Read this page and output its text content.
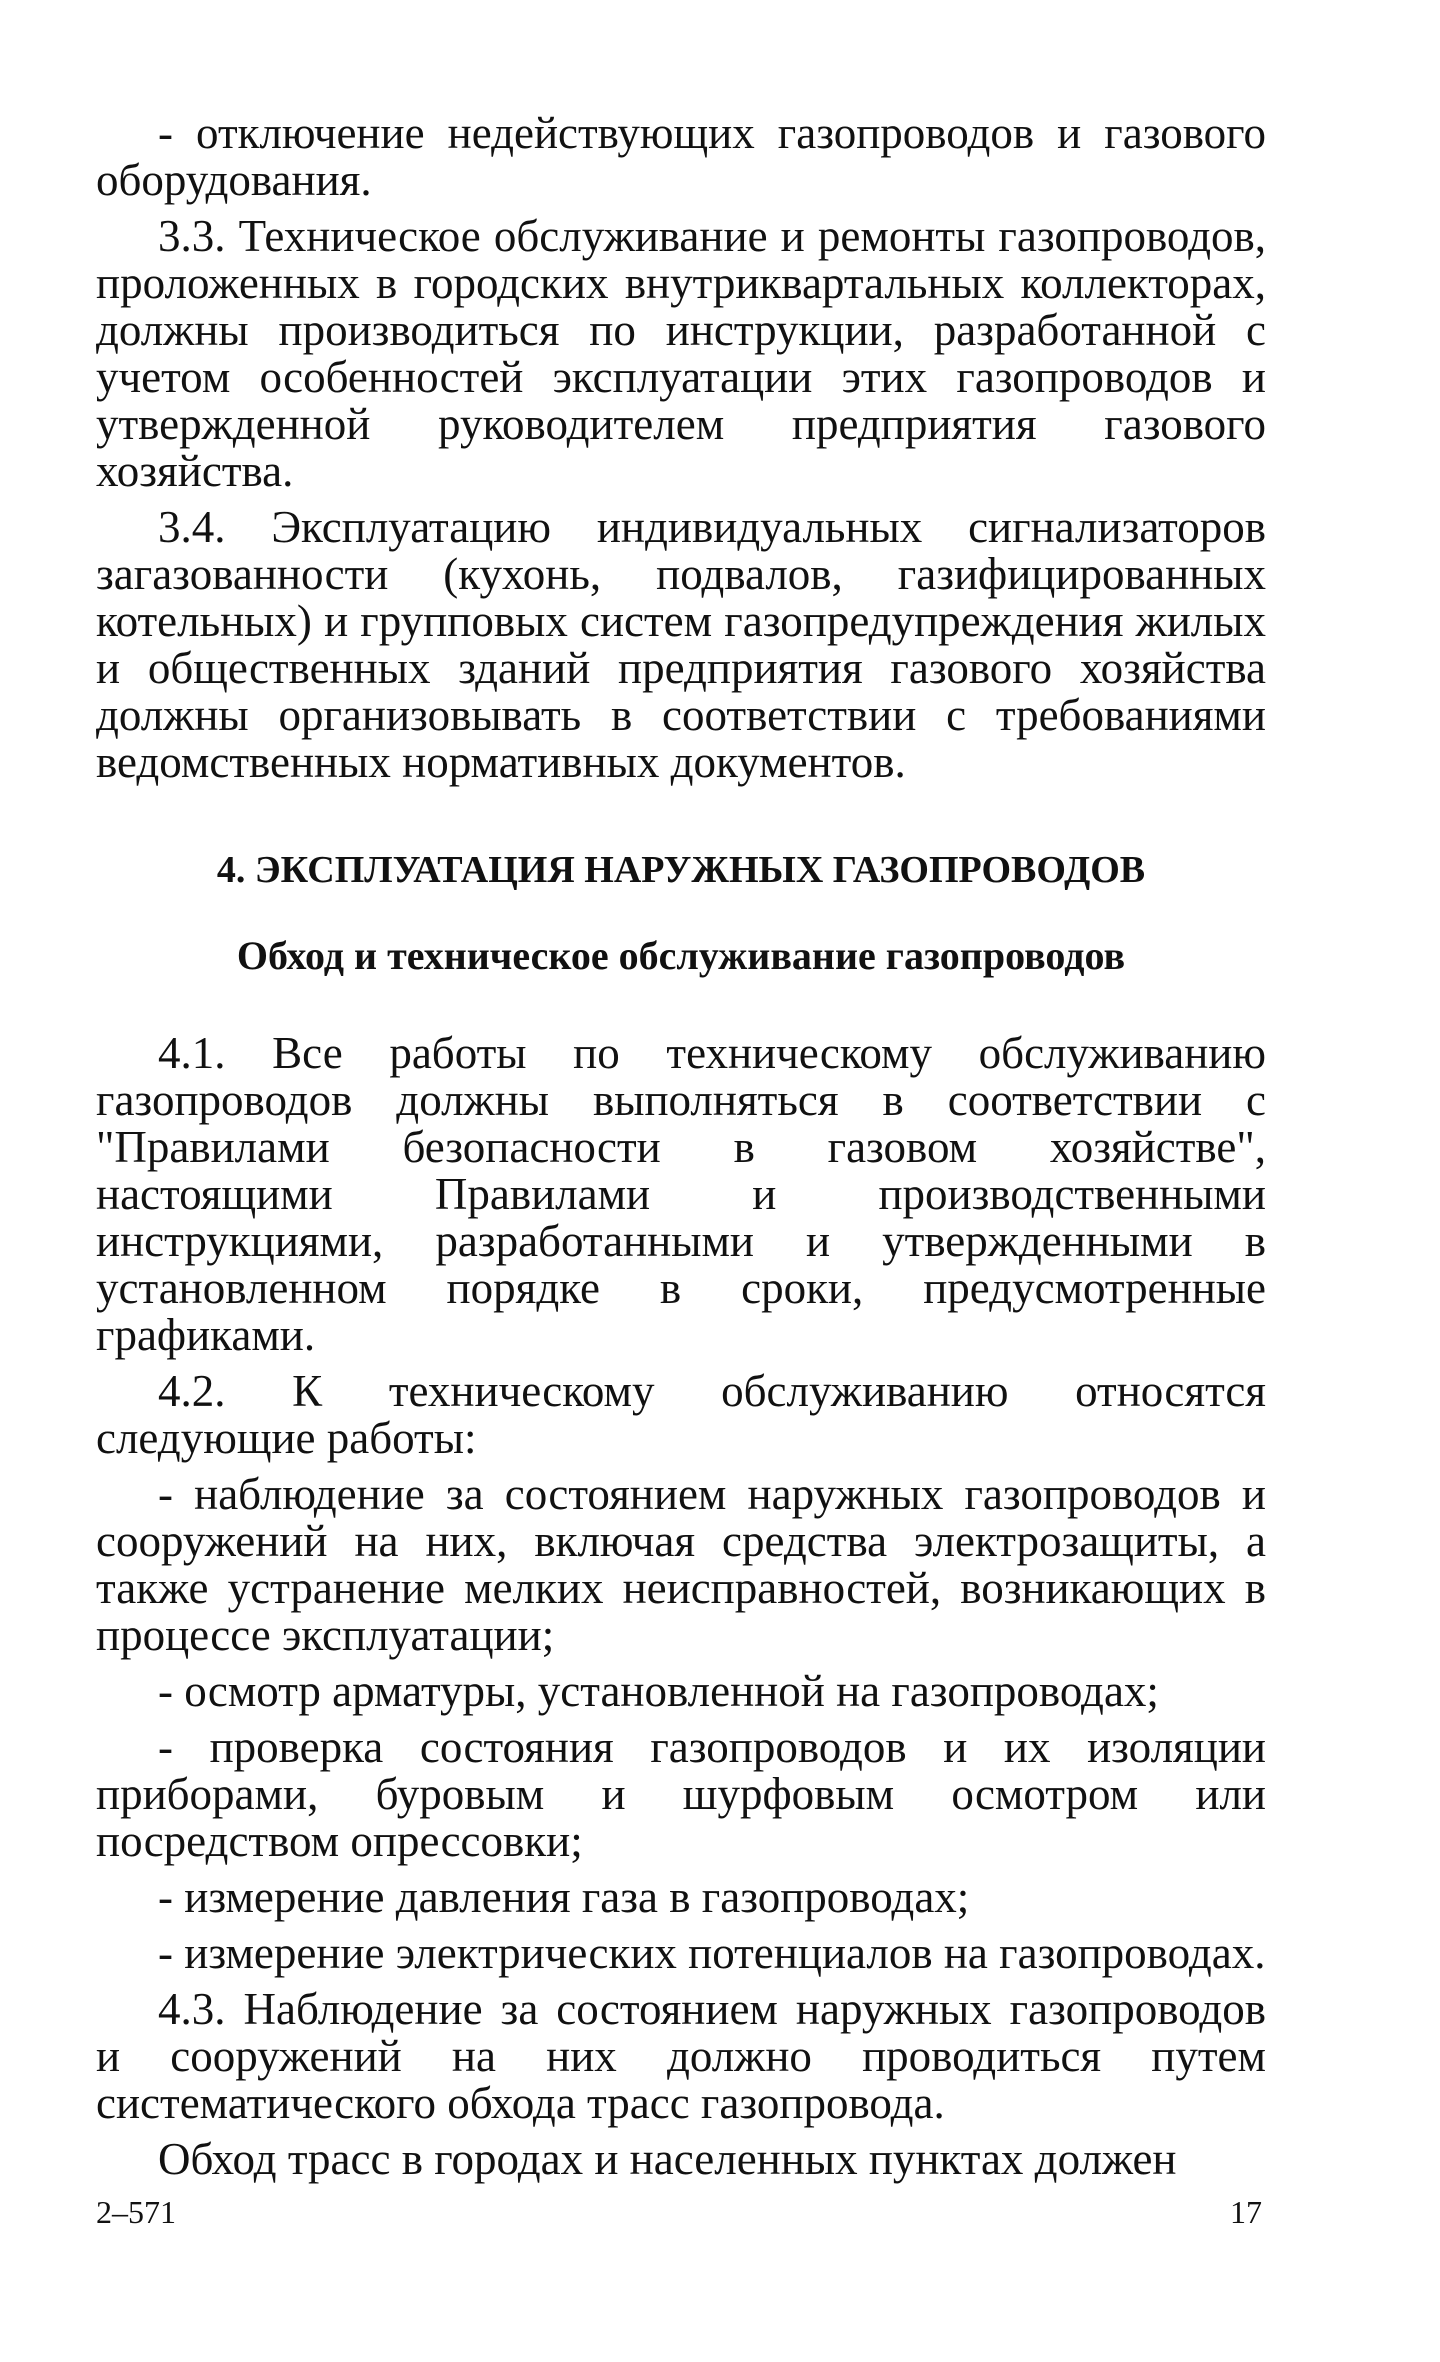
- отключение недействующих газопроводов и газового оборудования.

3.3. Техническое обслуживание и ремонты газопроводов, проложенных в городских внутриквартальных коллекторах, должны производиться по инструкции, разработанной с учетом особенностей эксплуатации этих газопроводов и утвержденной руководителем предприятия газового хозяйства.

3.4. Эксплуатацию индивидуальных сигнализаторов загазованности (кухонь, подвалов, газифицированных котельных) и групповых систем газопредупреждения жилых и общественных зданий предприятия газового хозяйства должны организовывать в соответствии с требованиями ведомственных нормативных документов.

4. ЭКСПЛУАТАЦИЯ НАРУЖНЫХ ГАЗОПРОВОДОВ
Обход и техническое обслуживание газопроводов

4.1. Все работы по техническому обслуживанию газопроводов должны выполняться в соответствии с "Правилами безопасности в газовом хозяйстве", настоящими Правилами и производственными инструкциями, разработанными и утвержденными в установленном порядке в сроки, предусмотренные графиками.

4.2. К техническому обслуживанию относятся следующие работы:

- наблюдение за состоянием наружных газопроводов и сооружений на них, включая средства электрозащиты, а также устранение мелких неисправностей, возникающих в процессе эксплуатации;

- осмотр арматуры, установленной на газопроводах;

- проверка состояния газопроводов и их изоляции приборами, буровым и шурфовым осмотром или посредством опрессовки;

- измерение давления газа в газопроводах;

- измерение электрических потенциалов на газопроводах.

4.3. Наблюдение за состоянием наружных газопроводов и сооружений на них должно проводиться путем систематического обхода трасс газопровода.

Обход трасс в городах и населенных пунктах должен

2–571	17
